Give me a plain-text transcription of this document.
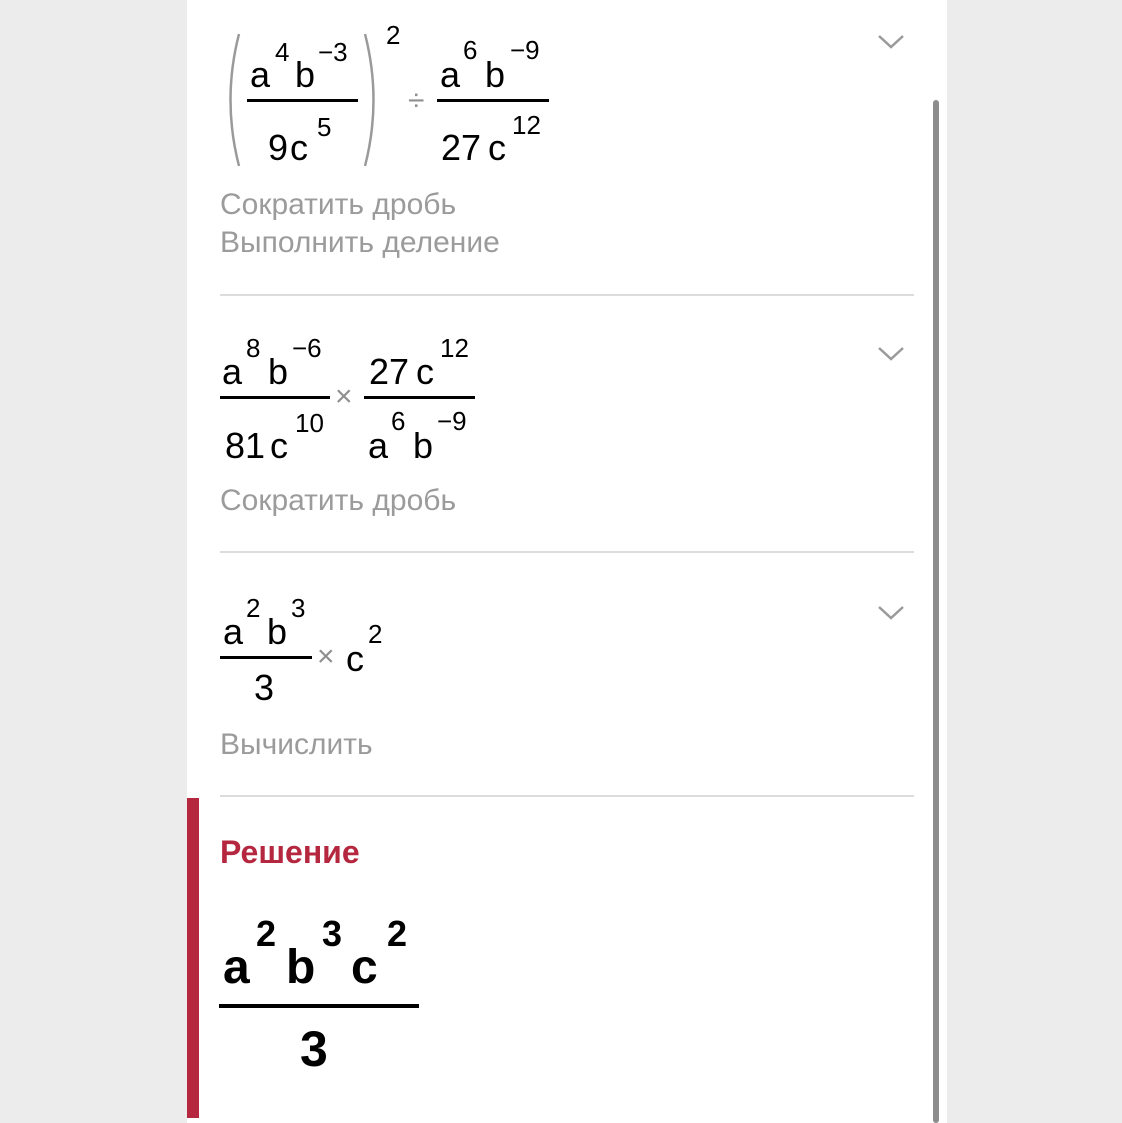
a
4
b
−3
9 c 5
2
÷
a
6
b
−9
27 c
12
Сократить дробь
Выполнить деление
a
8
b
−6
81 c
10
×
27 c
12
a
6
b
−9
Сократить дробь
a
2
b
3
3
× c
2
Вычислить
Решение
a
2
b
3
c
2
3
